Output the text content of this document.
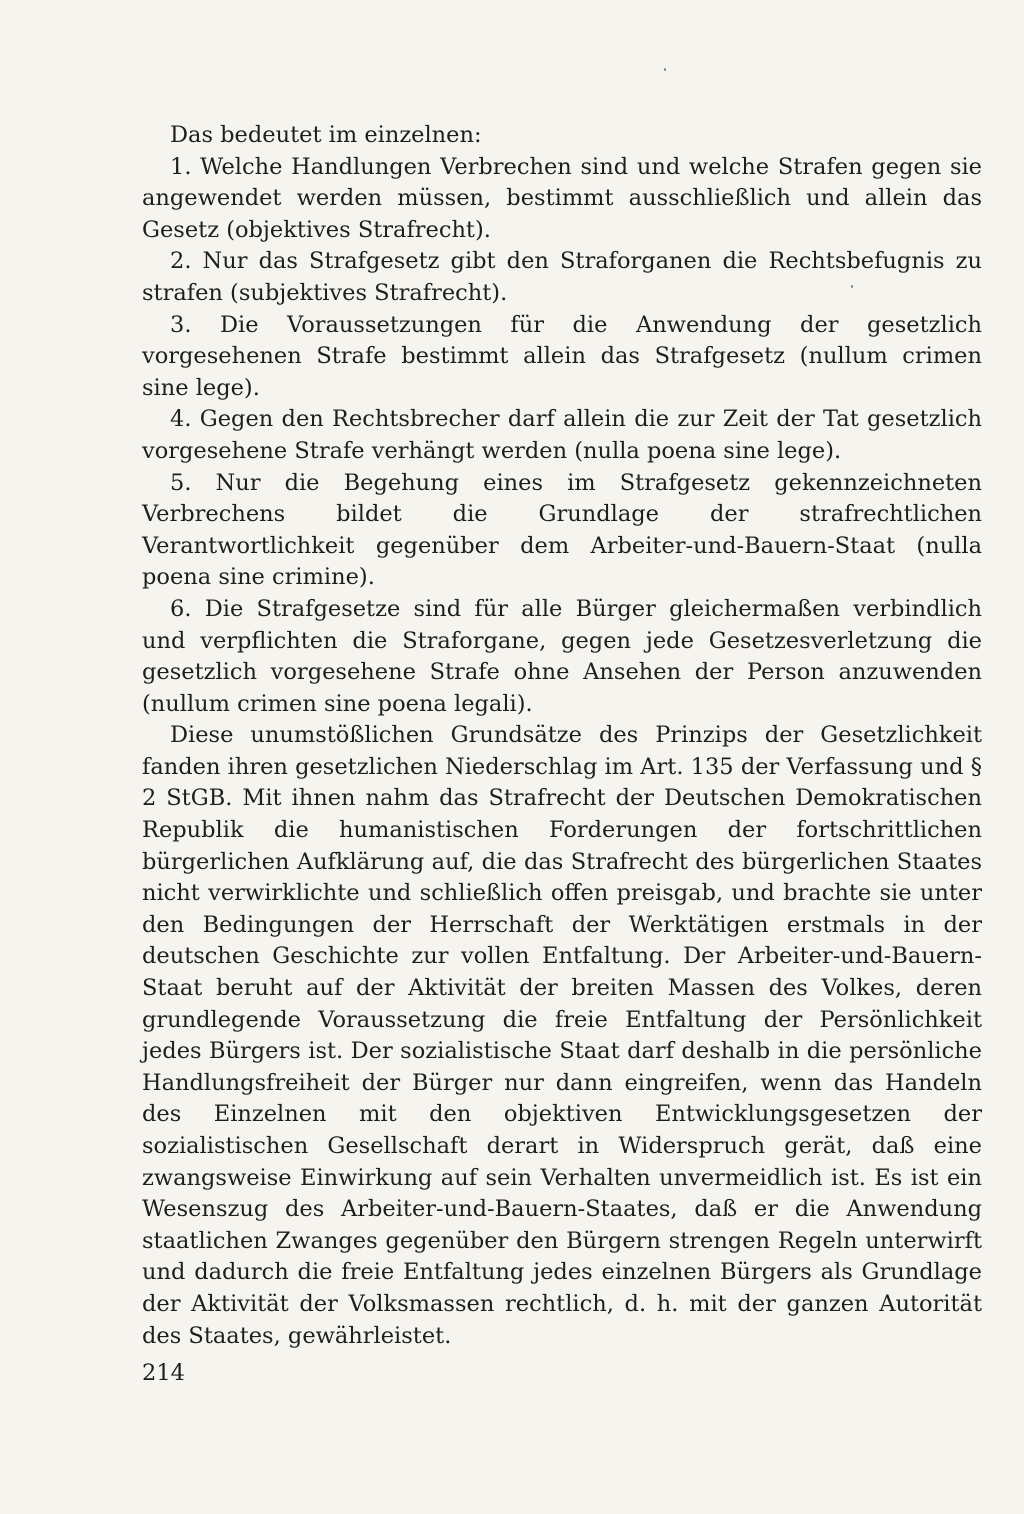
Das bedeutet im einzelnen:

1. Welche Handlungen Verbrechen sind und welche Strafen gegen sie angewendet werden müssen, bestimmt ausschließlich und allein das Gesetz (objektives Strafrecht).

2. Nur das Strafgesetz gibt den Straforganen die Rechtsbefugnis zu strafen (subjektives Strafrecht).

3. Die Voraussetzungen für die Anwendung der gesetzlich vorgesehenen Strafe bestimmt allein das Strafgesetz (nullum crimen sine lege).

4. Gegen den Rechtsbrecher darf allein die zur Zeit der Tat gesetzlich vorgesehene Strafe verhängt werden (nulla poena sine lege).

5. Nur die Begehung eines im Strafgesetz gekennzeichneten Verbrechens bildet die Grundlage der strafrechtlichen Verantwortlichkeit gegenüber dem Arbeiter-und-Bauern-Staat (nulla poena sine crimine).

6. Die Strafgesetze sind für alle Bürger gleichermaßen verbindlich und verpflichten die Straforgane, gegen jede Gesetzesverletzung die gesetzlich vorgesehene Strafe ohne Ansehen der Person anzuwenden (nullum crimen sine poena legali).

Diese unumstößlichen Grundsätze des Prinzips der Gesetzlichkeit fanden ihren gesetzlichen Niederschlag im Art. 135 der Verfassung und § 2 StGB. Mit ihnen nahm das Strafrecht der Deutschen Demokratischen Republik die humanistischen Forderungen der fortschrittlichen bürgerlichen Aufklärung auf, die das Strafrecht des bürgerlichen Staates nicht verwirklichte und schließlich offen preisgab, und brachte sie unter den Bedingungen der Herrschaft der Werktätigen erstmals in der deutschen Geschichte zur vollen Entfaltung. Der Arbeiter-und-Bauern-Staat beruht auf der Aktivität der breiten Massen des Volkes, deren grundlegende Voraussetzung die freie Entfaltung der Persönlichkeit jedes Bürgers ist. Der sozialistische Staat darf deshalb in die persönliche Handlungsfreiheit der Bürger nur dann eingreifen, wenn das Handeln des Einzelnen mit den objektiven Entwicklungsgesetzen der sozialistischen Gesellschaft derart in Widerspruch gerät, daß eine zwangsweise Einwirkung auf sein Verhalten unvermeidlich ist. Es ist ein Wesenszug des Arbeiter-und-Bauern-Staates, daß er die Anwendung staatlichen Zwanges gegenüber den Bürgern strengen Regeln unterwirft und dadurch die freie Entfaltung jedes einzelnen Bürgers als Grundlage der Aktivität der Volksmassen rechtlich, d. h. mit der ganzen Autorität des Staates, gewährleistet.

214
